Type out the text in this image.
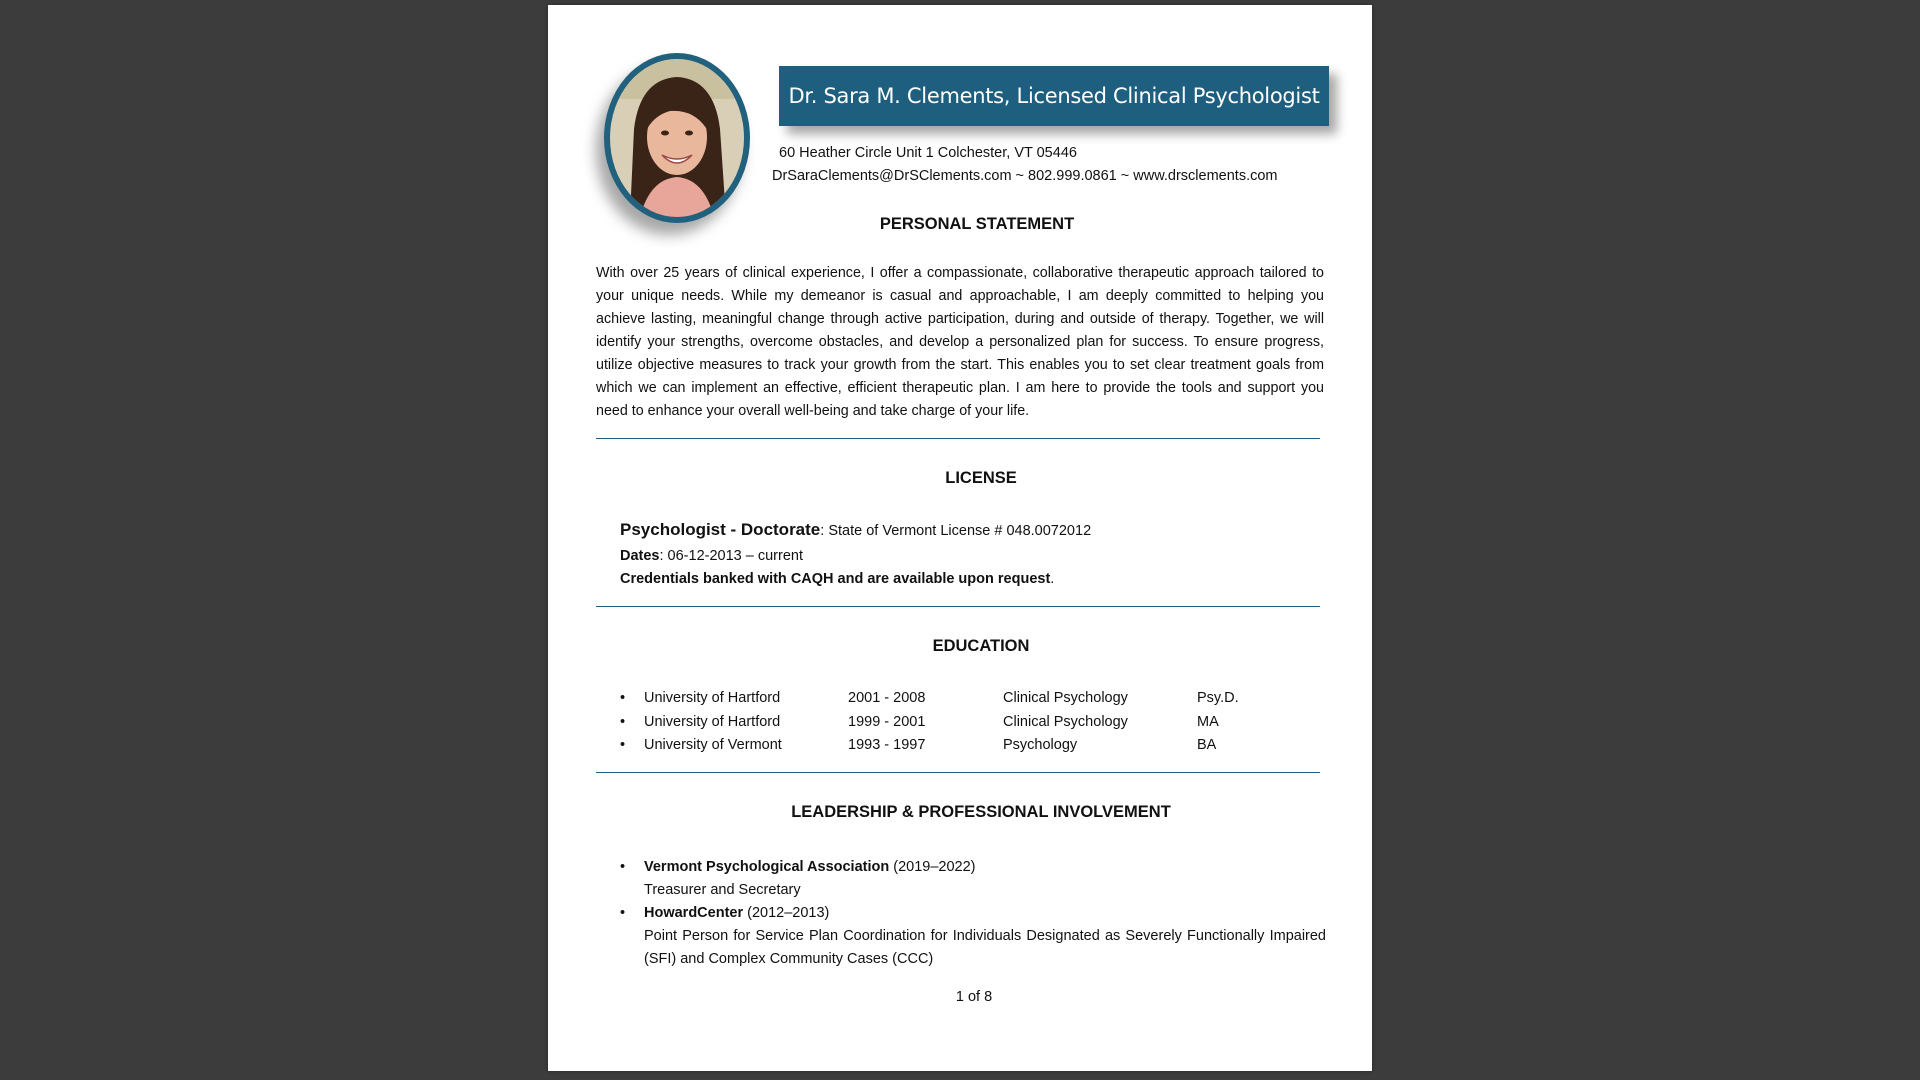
Dr. Sara M. Clements, Licensed Clinical Psychologist
60 Heather Circle Unit 1 Colchester, VT 05446
DrSaraClements@DrSClements.com ~ 802.999.0861 ~ www.drsclements.com
PERSONAL STATEMENT
With over 25 years of clinical experience, I offer a compassionate, collaborative therapeutic approach tailored to your unique needs. While my demeanor is casual and approachable, I am deeply committed to helping you achieve lasting, meaningful change through active participation, during and outside of therapy. Together, we will identify your strengths, overcome obstacles, and develop a personalized plan for success. To ensure progress, utilize objective measures to track your growth from the start. This enables you to set clear treatment goals from which we can implement an effective, efficient therapeutic plan. I am here to provide the tools and support you need to enhance your overall well-being and take charge of your life.
LICENSE
Psychologist - Doctorate: State of Vermont License # 048.0072012
Dates: 06-12-2013 – current
Credentials banked with CAQH and are available upon request.
EDUCATION
• University of Hartford	2001 - 2008	Clinical Psychology	Psy.D.
• University of Hartford	1999 - 2001	Clinical Psychology	MA
• University of Vermont	1993 - 1997	Psychology	BA
LEADERSHIP & PROFESSIONAL INVOLVEMENT
• Vermont Psychological Association (2019–2022)
Treasurer and Secretary
• HowardCenter (2012–2013)
Point Person for Service Plan Coordination for Individuals Designated as Severely Functionally Impaired (SFI) and Complex Community Cases (CCC)
1 of 8
